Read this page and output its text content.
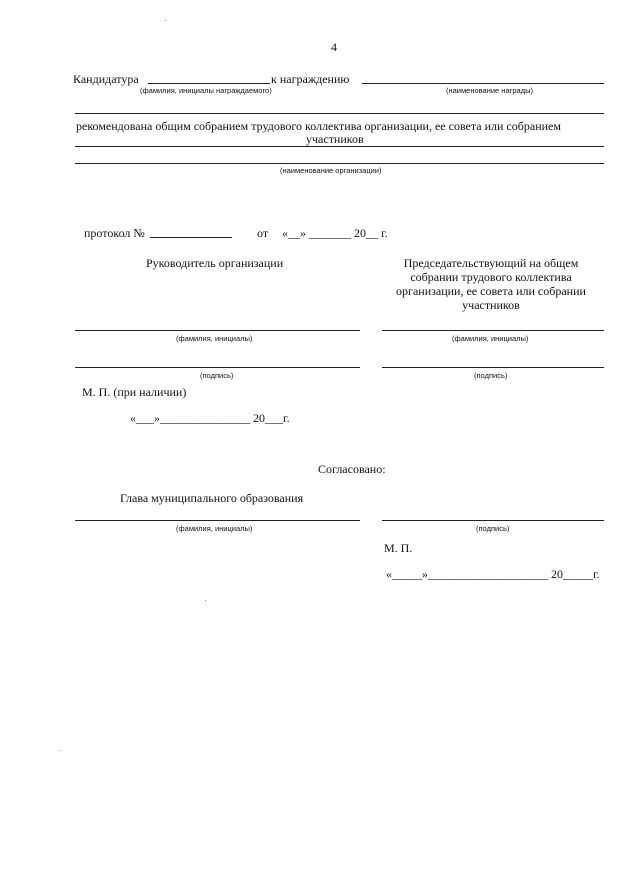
4
Кандидатура	к награждению
(фамилия, инициалы награждаемого)	(наименование награды)
рекомендована общим собранием трудового коллектива организации, ее совета или собранием
участников
(наименование организации)
протокол №	от «__» _______ 20__ г.
Руководитель организации	Председательствующий на общем
собрании трудового коллектива
организации, ее совета или собрании
участников
(фамилия, инициалы)	(фамилия, инициалы)
(подпись)	(подпись)
М. П. (при наличии)
«___»_______________ 20___г.
Согласовано:
Глава муниципального образования
(фамилия, инициалы)	(подпись)
М. П.
«_____»____________________ 20_____г.
